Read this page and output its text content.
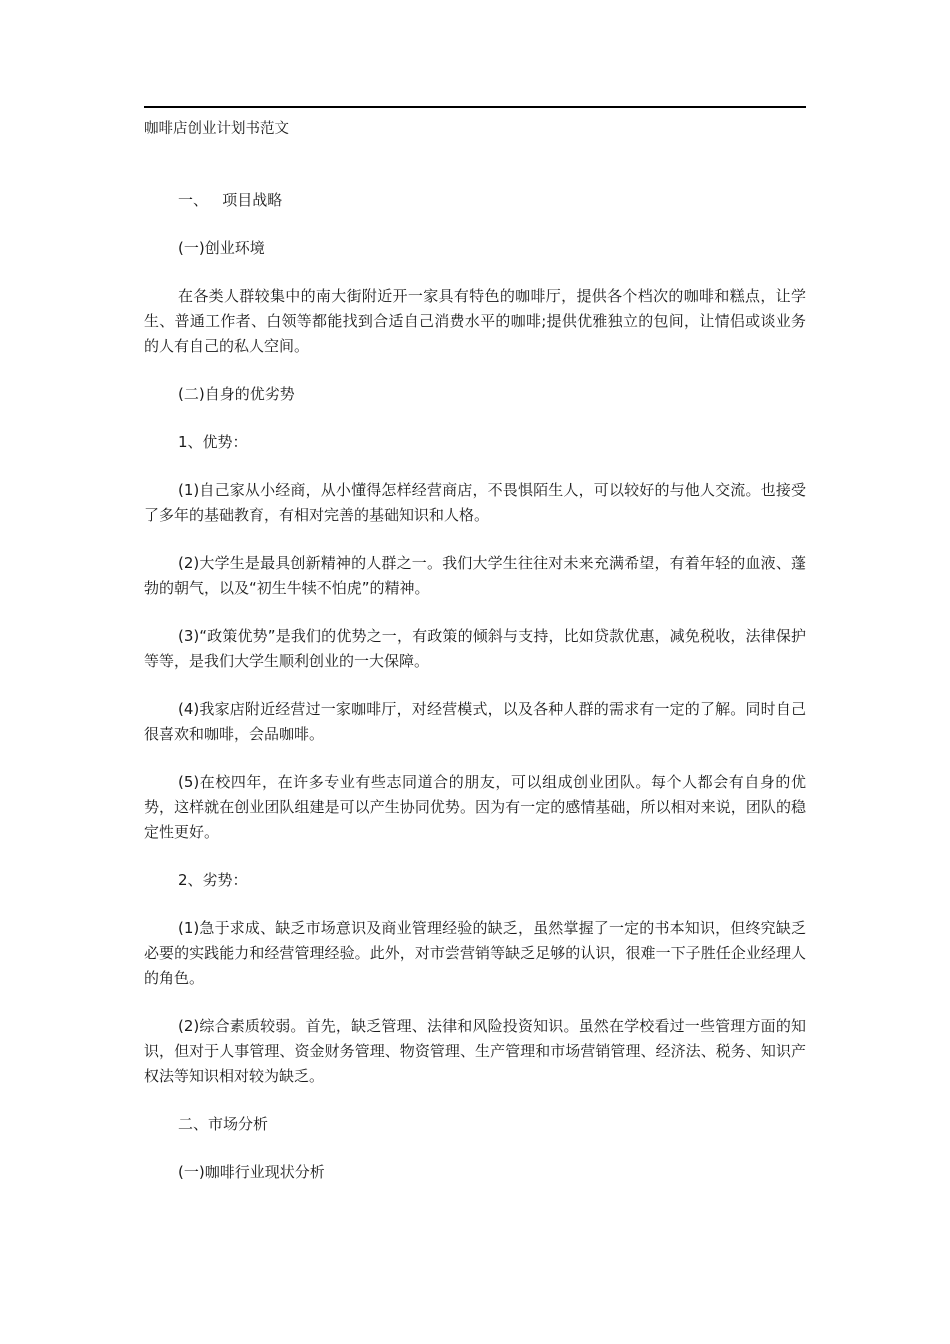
咖啡店创业计划书范文

一、   项目战略

(一)创业环境

在各类人群较集中的南大街附近开一家具有特色的咖啡厅，提供各个档次的咖啡和糕点，让学生、普通工作者、白领等都能找到合适自己消费水平的咖啡;提供优雅独立的包间，让情侣或谈业务的人有自己的私人空间。

(二)自身的优劣势

1、优势：

(1)自己家从小经商，从小懂得怎样经营商店，不畏惧陌生人，可以较好的与他人交流。也接受了多年的基础教育，有相对完善的基础知识和人格。

(2)大学生是最具创新精神的人群之一。我们大学生往往对未来充满希望，有着年轻的血液、蓬勃的朝气，以及“初生牛犊不怕虎”的精神。

(3)“政策优势”是我们的优势之一，有政策的倾斜与支持，比如贷款优惠，减免税收，法律保护等等，是我们大学生顺利创业的一大保障。

(4)我家店附近经营过一家咖啡厅，对经营模式，以及各种人群的需求有一定的了解。同时自己很喜欢和咖啡，会品咖啡。

(5)在校四年，在许多专业有些志同道合的朋友，可以组成创业团队。每个人都会有自身的优势，这样就在创业团队组建是可以产生协同优势。因为有一定的感情基础，所以相对来说，团队的稳定性更好。

2、劣势：

(1)急于求成、缺乏市场意识及商业管理经验的缺乏，虽然掌握了一定的书本知识，但终究缺乏必要的实践能力和经营管理经验。此外，对市尝营销等缺乏足够的认识，很难一下子胜任企业经理人的角色。

(2)综合素质较弱。首先，缺乏管理、法律和风险投资知识。虽然在学校看过一些管理方面的知识，但对于人事管理、资金财务管理、物资管理、生产管理和市场营销管理、经济法、税务、知识产权法等知识相对较为缺乏。

二、市场分析

(一)咖啡行业现状分析
